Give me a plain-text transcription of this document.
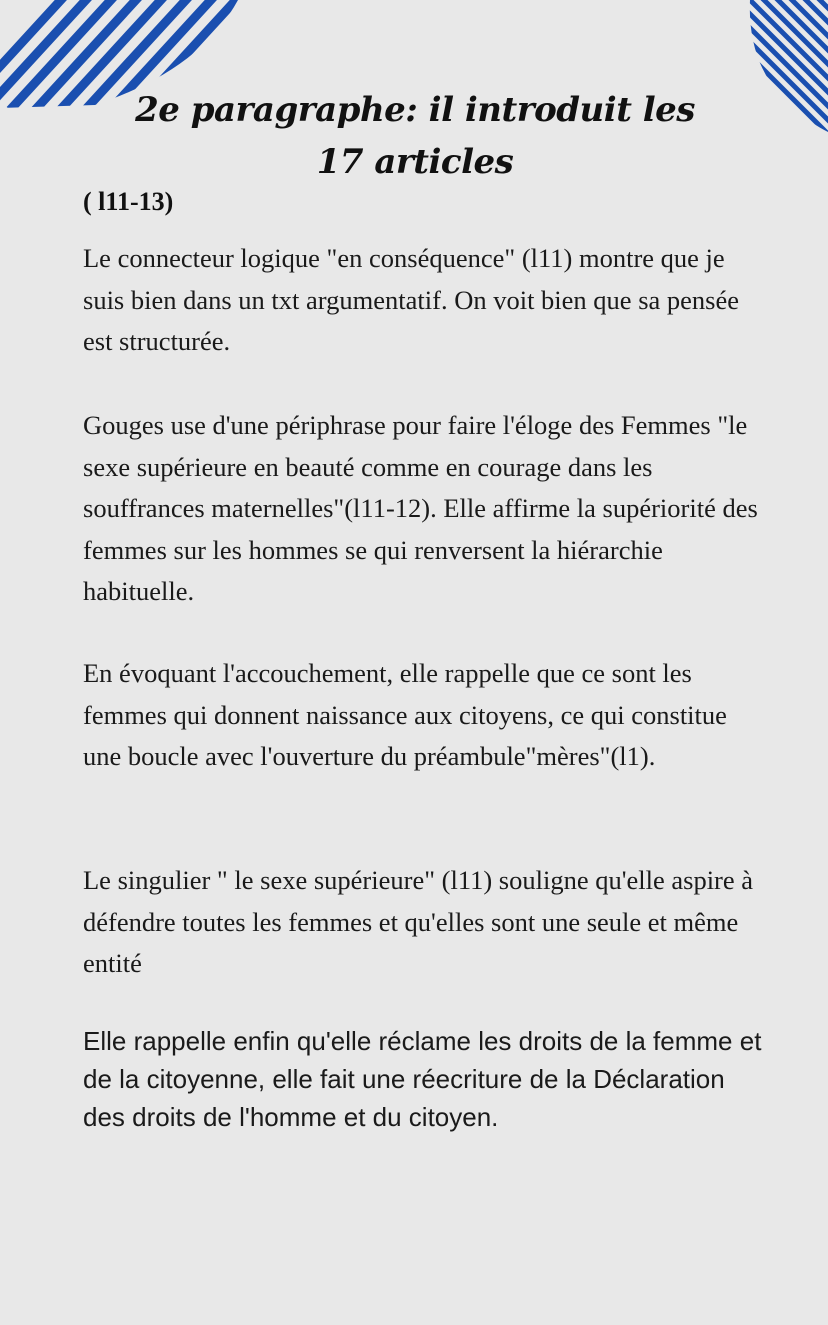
2e paragraphe: il introduit les 17 articles

( l11-13)

Le connecteur logique "en conséquence" (l11) montre que je suis bien dans un txt argumentatif. On voit bien que sa pensée est structurée.

Gouges use d'une périphrase pour faire l'éloge des Femmes "le sexe supérieure en beauté comme en courage dans les souffrances maternelles"(l11-12). Elle affirme la supériorité des femmes sur les hommes se qui renversent la hiérarchie habituelle.

En évoquant l'accouchement, elle rappelle que ce sont les femmes qui donnent naissance aux citoyens, ce qui constitue une boucle avec l'ouverture du préambule"mères"(l1).

Le singulier " le sexe supérieure" (l11) souligne qu'elle aspire à défendre toutes les femmes et qu'elles sont une seule et même entité

Elle rappelle enfin qu'elle réclame les droits de la femme et de la citoyenne, elle fait une réecriture de la Déclaration des droits de l'homme et du citoyen.
